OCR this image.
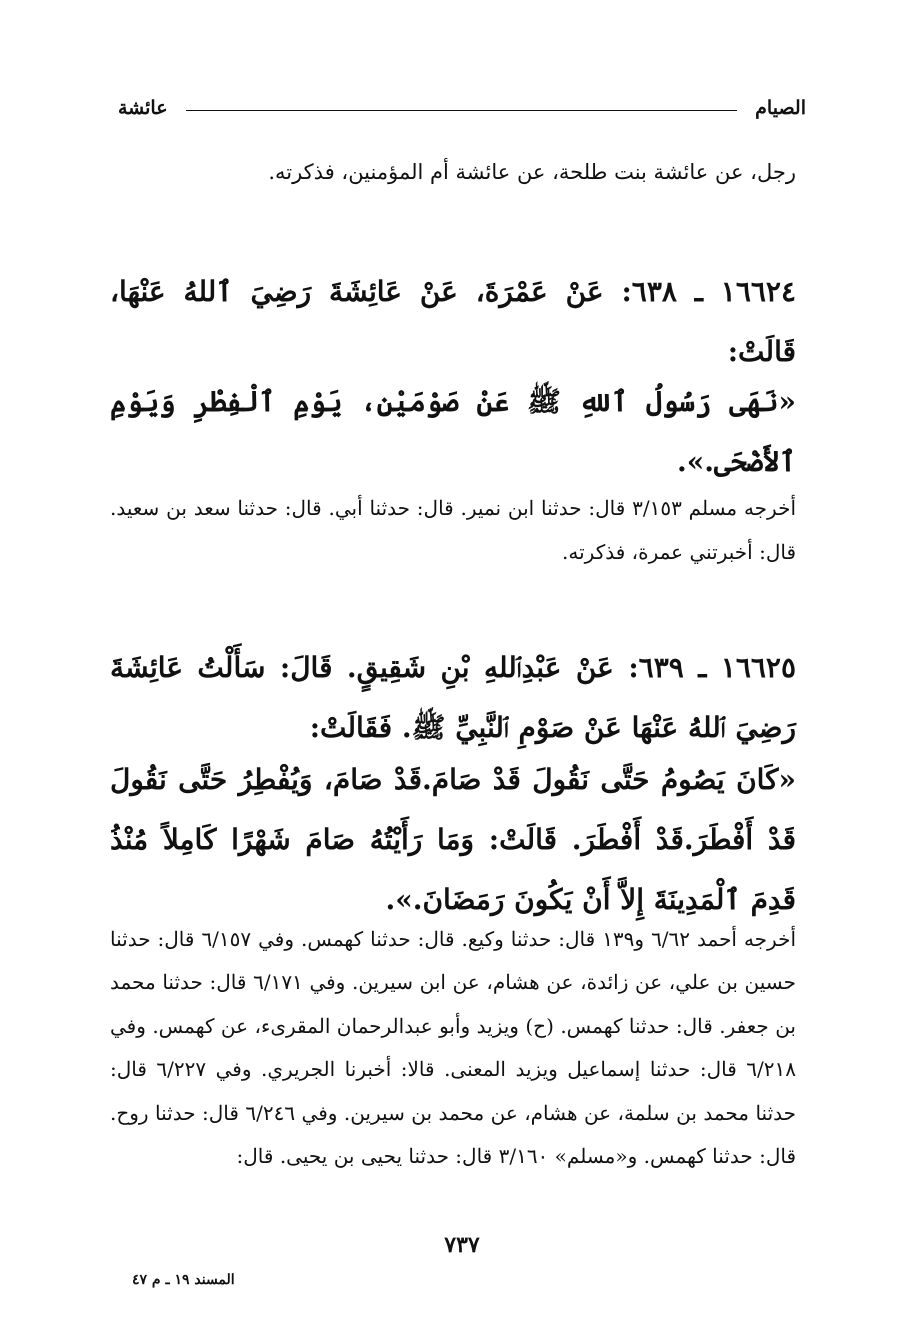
الصيام
عائشة

رجل، عن عائشة بنت طلحة، عن عائشة أم المؤمنين، فذكرته.

١٦٦٢٤ ـ ٦٣٨: عَنْ عَمْرَةَ، عَنْ عَائِشَةَ رَضِيَ ٱللهُ عَنْهَا، قَالَتْ:

«نَهَى رَسُولُ ٱللهِ ﷺ عَنْ صَوْمَيْنِ، يَوْمِ ٱلْفِطْرِ وَيَوْمِ ٱلأَضْحَى.».

أخرجه مسلم ٣/١٥٣ قال: حدثنا ابن نمير. قال: حدثنا أبي. قال: حدثنا سعد بن سعيد. قال: أخبرتني عمرة، فذكرته.

١٦٦٢٥ ـ ٦٣٩: عَنْ عَبْدِٱللهِ بْنِ شَقِيقٍ. قَالَ: سَأَلْتُ عَائِشَةَ رَضِيَ ٱللهُ عَنْهَا عَنْ صَوْمِ ٱلنَّبِيِّ ﷺ. فَقَالَتْ:

«كَانَ يَصُومُ حَتَّى نَقُولَ قَدْ صَامَ.قَدْ صَامَ، وَيُفْطِرُ حَتَّى نَقُولَ قَدْ أَفْطَرَ.قَدْ أَفْطَرَ. قَالَتْ: وَمَا رَأَيْتُهُ صَامَ شَهْرًا كَامِلاً مُنْذُ قَدِمَ ٱلْمَدِينَةَ إِلاَّ أَنْ يَكُونَ رَمَضَانَ.».

أخرجه أحمد ٦/٦٢ و١٣٩ قال: حدثنا وكيع. قال: حدثنا كهمس. وفي ٦/١٥٧ قال: حدثنا حسين بن علي، عن زائدة، عن هشام، عن ابن سيرين. وفي ٦/١٧١ قال: حدثنا محمد بن جعفر. قال: حدثنا كهمس. (ح) ويزيد وأبو عبدالرحمان المقرىء، عن كهمس. وفي ٦/٢١٨ قال: حدثنا إسماعيل ويزيد المعنى. قالا: أخبرنا الجريري. وفي ٦/٢٢٧ قال: حدثنا محمد بن سلمة، عن هشام، عن محمد بن سيرين. وفي ٦/٢٤٦ قال: حدثنا روح. قال: حدثنا كهمس. و«مسلم» ٣/١٦٠ قال: حدثنا يحيى بن يحيى. قال:

٧٣٧
المسند ١٩ ـ م ٤٧
